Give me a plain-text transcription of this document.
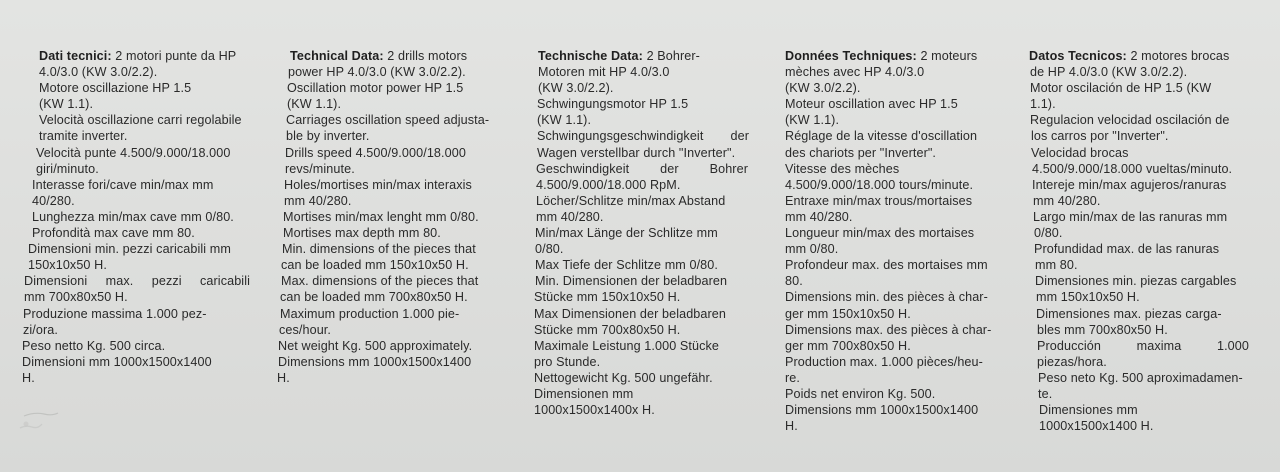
Dati tecnici: 2 motori punte da HP
4.0/3.0 (KW 3.0/2.2).
Motore oscillazione HP 1.5
(KW 1.1).
Velocità oscillazione carri regolabile
tramite inverter.
Velocità punte 4.500/9.000/18.000
giri/minuto.
Interasse fori/cave min/max mm
40/280.
Lunghezza min/max cave mm 0/80.
Profondità max cave mm 80.
Dimensioni min. pezzi caricabili mm
150x10x50 H.
Dimensioni max. pezzi caricabili
mm 700x80x50 H.
Produzione massima 1.000 pez-
zi/ora.
Peso netto Kg. 500 circa.
Dimensioni mm 1000x1500x1400
H.
Technical Data: 2 drills motors
power HP 4.0/3.0 (KW 3.0/2.2).
Oscillation motor power HP 1.5
(KW 1.1).
Carriages oscillation speed adjusta-
ble by inverter.
Drills speed 4.500/9.000/18.000
revs/minute.
Holes/mortises min/max interaxis
mm 40/280.
Mortises min/max lenght mm 0/80.
Mortises max depth mm 80.
Min. dimensions of the pieces that
can be loaded mm 150x10x50 H.
Max. dimensions of the pieces that
can be loaded mm 700x80x50 H.
Maximum production 1.000 pie-
ces/hour.
Net weight Kg. 500 approximately.
Dimensions mm 1000x1500x1400
H.
Technische Data: 2 Bohrer-
Motoren mit HP 4.0/3.0
(KW 3.0/2.2).
Schwingungsmotor HP 1.5
(KW 1.1).
Schwingungsgeschwindigkeit der
Wagen verstellbar durch "Inverter".
Geschwindigkeit der Bohrer
4.500/9.000/18.000 RpM.
Löcher/Schlitze min/max Abstand
mm 40/280.
Min/max Länge der Schlitze mm
0/80.
Max Tiefe der Schlitze mm 0/80.
Min. Dimensionen der beladbaren
Stücke mm 150x10x50 H.
Max Dimensionen der beladbaren
Stücke mm 700x80x50 H.
Maximale Leistung 1.000 Stücke
pro Stunde.
Nettogewicht Kg. 500 ungefähr.
Dimensionen mm
1000x1500x1400x H.
Données Techniques: 2 moteurs
mèches avec HP 4.0/3.0
(KW 3.0/2.2).
Moteur oscillation avec HP 1.5
(KW 1.1).
Réglage de la vitesse d'oscillation
des chariots per "Inverter".
Vitesse des mèches
4.500/9.000/18.000 tours/minute.
Entraxe min/max trous/mortaises
mm 40/280.
Longueur min/max des mortaises
mm 0/80.
Profondeur max. des mortaises mm
80.
Dimensions min. des pièces à char-
ger mm 150x10x50 H.
Dimensions max. des pièces à char-
ger mm 700x80x50 H.
Production max. 1.000 pièces/heu-
re.
Poids net environ Kg. 500.
Dimensions mm 1000x1500x1400
H.
Datos Tecnicos: 2 motores brocas
de HP 4.0/3.0 (KW 3.0/2.2).
Motor oscilación de HP 1.5 (KW
1.1).
Regulacion velocidad oscilación de
los carros por "Inverter".
Velocidad brocas
4.500/9.000/18.000 vueltas/minuto.
Intereje min/max agujeros/ranuras
mm 40/280.
Largo min/max de las ranuras mm
0/80.
Profundidad max. de las ranuras
mm 80.
Dimensiones min. piezas cargables
mm 150x10x50 H.
Dimensiones max. piezas carga-
bles mm 700x80x50 H.
Producción maxima 1.000
piezas/hora.
Peso neto Kg. 500 aproximadamen-
te.
Dimensiones mm
1000x1500x1400 H.
